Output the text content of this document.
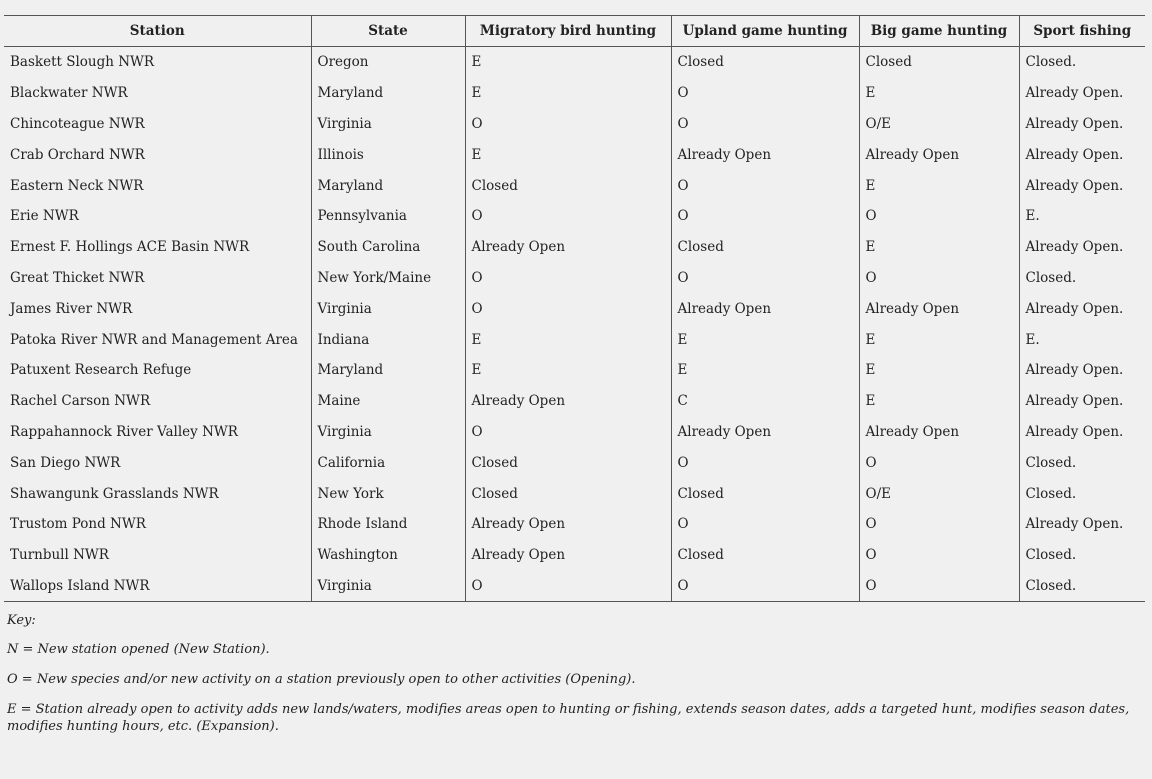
Station	State	Migratory bird hunting	Upland game hunting	Big game hunting	Sport fishing
Baskett Slough NWR	Oregon	E	Closed	Closed	Closed.
Blackwater NWR	Maryland	E	O	E	Already Open.
Chincoteague NWR	Virginia	O	O	O/E	Already Open.
Crab Orchard NWR	Illinois	E	Already Open	Already Open	Already Open.
Eastern Neck NWR	Maryland	Closed	O	E	Already Open.
Erie NWR	Pennsylvania	O	O	O	E.
Ernest F. Hollings ACE Basin NWR	South Carolina	Already Open	Closed	E	Already Open.
Great Thicket NWR	New York/Maine	O	O	O	Closed.
James River NWR	Virginia	O	Already Open	Already Open	Already Open.
Patoka River NWR and Management Area	Indiana	E	E	E	E.
Patuxent Research Refuge	Maryland	E	E	E	Already Open.
Rachel Carson NWR	Maine	Already Open	C	E	Already Open.
Rappahannock River Valley NWR	Virginia	O	Already Open	Already Open	Already Open.
San Diego NWR	California	Closed	O	O	Closed.
Shawangunk Grasslands NWR	New York	Closed	Closed	O/E	Closed.
Trustom Pond NWR	Rhode Island	Already Open	O	O	Already Open.
Turnbull NWR	Washington	Already Open	Closed	O	Closed.
Wallops Island NWR	Virginia	O	O	O	Closed.

Key:

N = New station opened (New Station).

O = New species and/or new activity on a station previously open to other activities (Opening).

E = Station already open to activity adds new lands/waters, modifies areas open to hunting or fishing, extends season dates, adds a targeted hunt, modifies season dates, modifies hunting hours, etc. (Expansion).
